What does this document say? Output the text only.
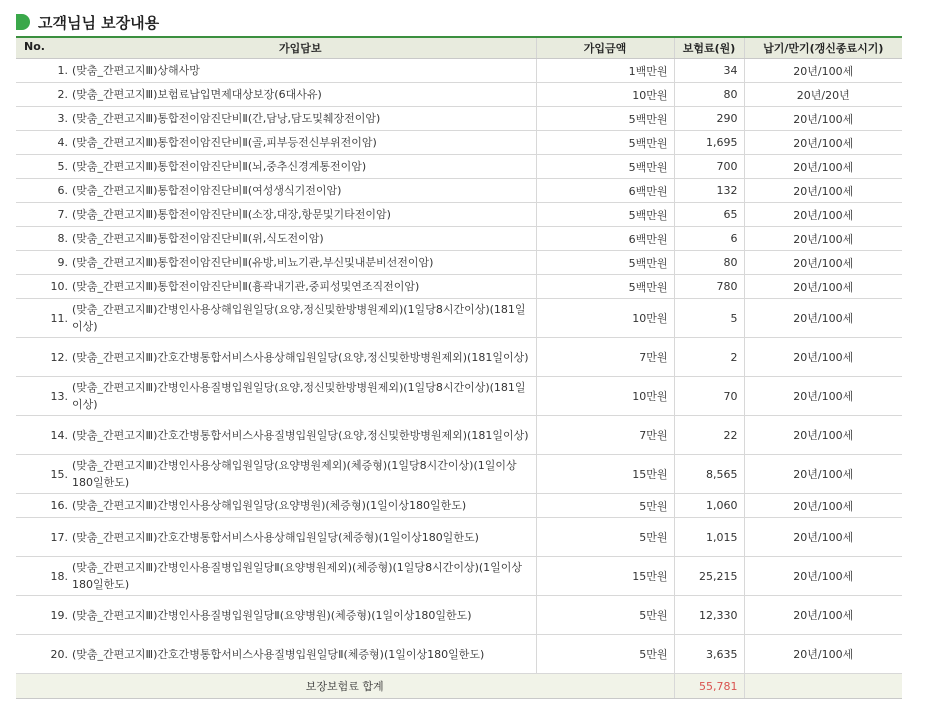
고객님님 보장내용
No. 가입담보	가입금액	보험료(원)	납기/만기(갱신종료시기)

1. (맞춤_간편고지Ⅲ)상해사망	1백만원	34	20년/100세

2. (맞춤_간편고지Ⅲ)보험료납입면제대상보장(6대사유)	10만원	80	20년/20년

3. (맞춤_간편고지Ⅲ)통합전이암진단비Ⅱ(간,담낭,담도및췌장전이암)	5백만원	290	20년/100세

4. (맞춤_간편고지Ⅲ)통합전이암진단비Ⅱ(골,피부등전신부위전이암)	5백만원	1,695	20년/100세

5. (맞춤_간편고지Ⅲ)통합전이암진단비Ⅱ(뇌,중추신경계통전이암)	5백만원	700	20년/100세

6. (맞춤_간편고지Ⅲ)통합전이암진단비Ⅱ(여성생식기전이암)	6백만원	132	20년/100세

7. (맞춤_간편고지Ⅲ)통합전이암진단비Ⅱ(소장,대장,항문및기타전이암)	5백만원	65	20년/100세

8. (맞춤_간편고지Ⅲ)통합전이암진단비Ⅱ(위,식도전이암)	6백만원	6	20년/100세

9. (맞춤_간편고지Ⅲ)통합전이암진단비Ⅱ(유방,비뇨기관,부신및내분비선전이암)	5백만원	80	20년/100세

10. (맞춤_간편고지Ⅲ)통합전이암진단비Ⅱ(흉곽내기관,중피성및연조직전이암)	5백만원	780	20년/100세

11.
(맞춤_간편고지Ⅲ)간병인사용상해입원일당(요양,정신및한방병원제외)(1일당8시간이상)(181일이상)	10만원	5	20년/100세

12. (맞춤_간편고지Ⅲ)간호간병통합서비스사용상해입원일당(요양,정신및한방병원제외)(181일이상)	7만원	2	20년/100세

13.
(맞춤_간편고지Ⅲ)간병인사용질병입원일당(요양,정신및한방병원제외)(1일당8시간이상)(181일이상)	10만원	70	20년/100세

14. (맞춤_간편고지Ⅲ)간호간병통합서비스사용질병입원일당(요양,정신및한방병원제외)(181일이상)	7만원	22	20년/100세

15.
(맞춤_간편고지Ⅲ)간병인사용상해입원일당(요양병원제외)(체증형)(1일당8시간이상)(1일이상180일한도)	15만원	8,565	20년/100세

16. (맞춤_간편고지Ⅲ)간병인사용상해입원일당(요양병원)(체증형)(1일이상180일한도)	5만원	1,060	20년/100세

17. (맞춤_간편고지Ⅲ)간호간병통합서비스사용상해입원일당(체증형)(1일이상180일한도)	5만원	1,015	20년/100세

18.
(맞춤_간편고지Ⅲ)간병인사용질병입원일당Ⅱ(요양병원제외)(체증형)(1일당8시간이상)(1일이상180일한도)	15만원	25,215	20년/100세

19. (맞춤_간편고지Ⅲ)간병인사용질병입원일당Ⅱ(요양병원)(체증형)(1일이상180일한도)	5만원	12,330	20년/100세

20. (맞춤_간편고지Ⅲ)간호간병통합서비스사용질병입원일당Ⅱ(체증형)(1일이상180일한도)	5만원	3,635	20년/100세
보장보험료 합계		55,781	
